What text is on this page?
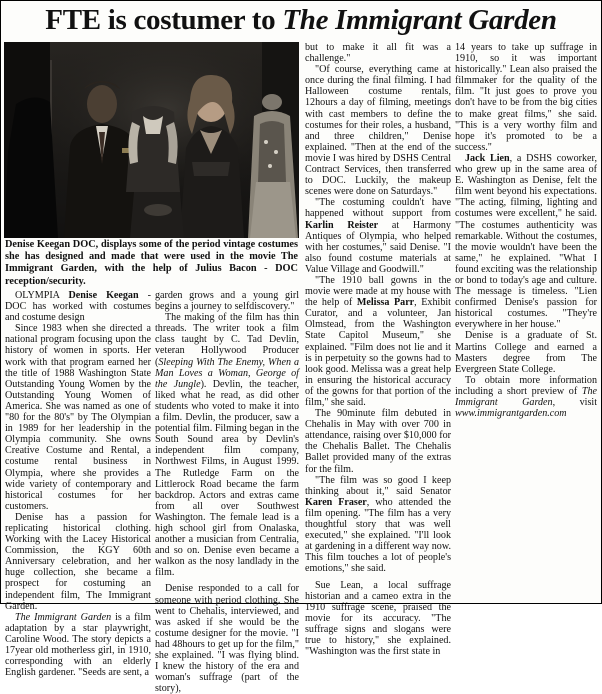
FTE is costumer to The Immigrant Garden
Denise Keegan DOC, displays some of the period vintage costumes she has designed and made that were used in the movie The Immigrant Garden, with the help of Julius Bacon - DOC reception/security.

OLYMPIA Denise Keegan - DOC has worked with costumes and costume design

Since 1983 when she directed a national program focusing upon the history of women in sports. Her work with that program earned her the title of 1988 Washington State Outstanding Young Women by the Outstanding Young Women of America. She was named as one of "80 for the 80's" by The Olympian in 1989 for her leadership in the Olympia community. She owns Creative Costume and Rental, a costume rental business in Olympia, where she provides a wide variety of contemporary and historical costumes for her customers.

Denise has a passion for replicating historical clothing. Working with the Lacey Historical Commission, the KGY 60th Anniversary celebration, and her huge collection, she became a prospect for costuming an independent film, The Immigrant Garden.

The Immigrant Garden is a film adaptation by a star playwright, Caroline Wood. The story depicts a 17year old motherless girl, in 1910, corresponding with an elderly English gardener. "Seeds are sent, a

garden grows and a young girl begins a journey to selfdiscovery."

The making of the film has thin threads. The writer took a film class taught by C. Tad Devlin, veteran Hollywood Producer (Sleeping With The Enemy, When a Man Loves a Woman, George of the Jungle). Devlin, the teacher, liked what he read, as did other students who voted to make it into a film. Devlin, the producer, saw a potential film. Filming began in the South Sound area by Devlin's independent film company, Northwest Films, in August 1999. The Rutledge Farm on the Littlerock Road became the farm backdrop. Actors and extras came from all over Southwest Washington. The female lead is a high school girl from Onalaska, another a musician from Centralia, and so on. Denise even became a walkon as the nosy landlady in the film.

Denise responded to a call for someone with period clothing. She went to Chehalis, interviewed, and was asked if she would be the costume designer for the movie. "I had 48hours to get up for the film," she explained. "I was flying blind. I knew the history of the era and woman's suffrage (part of the story),

but to make it all fit was a challenge."

"Of course, everything came at once during the final filming. I had Halloween costume rentals, 12hours a day of filming, meetings with cast members to define the costumes for their roles, a husband, and three children," Denise explained. "Then at the end of the movie I was hired by DSHS Central Contract Services, then transferred to DOC. Luckily, the makeup scenes were done on Saturdays."

"The costuming couldn't have happened without support from Karlin Reister at Harmony Antiques of Olympia, who helped with her costumes," said Denise. "I also found costume materials at Value Village and Goodwill."

"The 1910 ball gowns in the movie were made at my house with the help of Melissa Parr, Exhibit Curator, and a volunteer, Jan Olmstead, from the Washington State Capitol Museum," she explained. "Film does not lie and it is in perpetuity so the gowns had to look good. Melissa was a great help in ensuring the historical accuracy of the gowns for that portion of the film," she said.

The 90minute film debuted in Chehalis in May with over 700 in attendance, raising over $10,000 for the Chehalis Ballet. The Chehalis Ballet provided many of the extras for the film.

"The film was so good I keep thinking about it," said Senator Karen Fraser, who attended the film opening. "The film has a very thoughtful story that was well executed," she explained. "I'll look at gardening in a different way now. This film touches a lot of people's emotions," she said.

Sue Lean, a local suffrage historian and a cameo extra in the 1910 suffrage scene, praised the movie for its accuracy. "The suffrage signs and slogans were true to history," she explained. "Washington was the first state in

14 years to take up suffrage in 1910, so it was important historically." Lean also praised the filmmaker for the quality of the film. "It just goes to prove you don't have to be from the big cities to make great films," she said. "This is a very worthy film and hope it's promoted to be a success."

Jack Lien, a DSHS coworker, who grew up in the same area of E. Washington as Denise, felt the film went beyond his expectations. "The acting, filming, lighting and costumes were excellent," he said. "The costumes authenticity was remarkable. Without the costumes, the movie wouldn't have been the same," he explained. "What I found exciting was the relationship or bond to today's age and culture. The message is timeless. "Lien confirmed Denise's passion for historical costumes. "They're everywhere in her house."

Denise is a graduate of St. Martins College and earned a Masters degree from The Evergreen State College.

To obtain more information including a short preview of The Immigrant Garden, visit www.immigrantgarden.com
